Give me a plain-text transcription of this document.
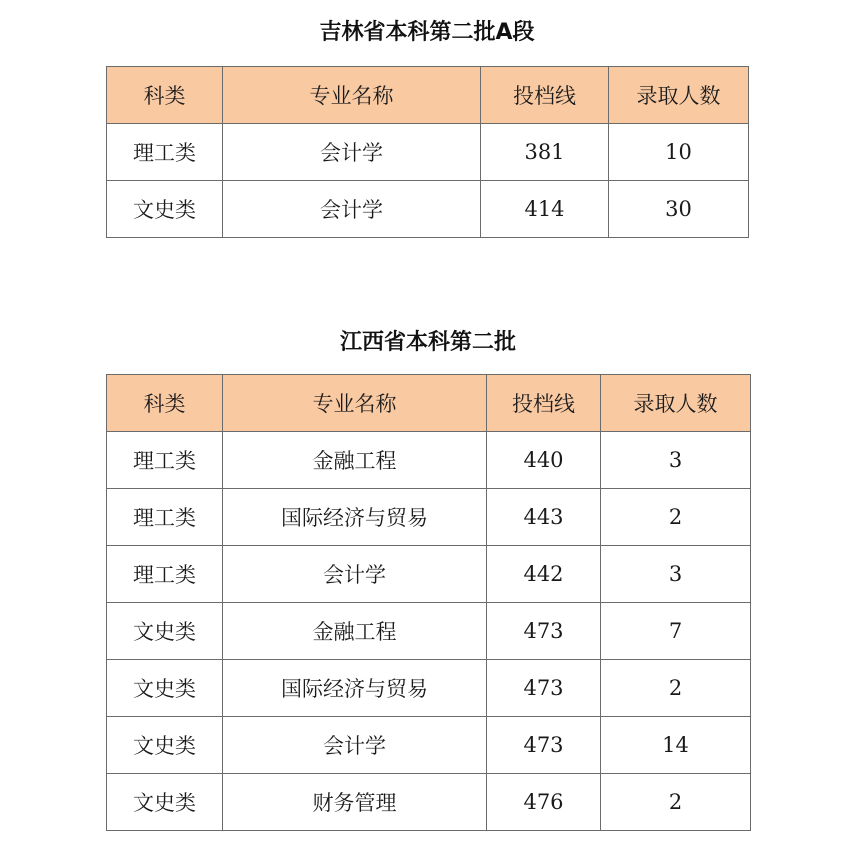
吉林省本科第二批A段
科类	专业名称	投档线	录取人数
理工类	会计学	381	10
文史类	会计学	414	30
江西省本科第二批
科类	专业名称	投档线	录取人数
理工类	金融工程	440	3
理工类	国际经济与贸易	443	2
理工类	会计学	442	3
文史类	金融工程	473	7
文史类	国际经济与贸易	473	2
文史类	会计学	473	14
文史类	财务管理	476	2
